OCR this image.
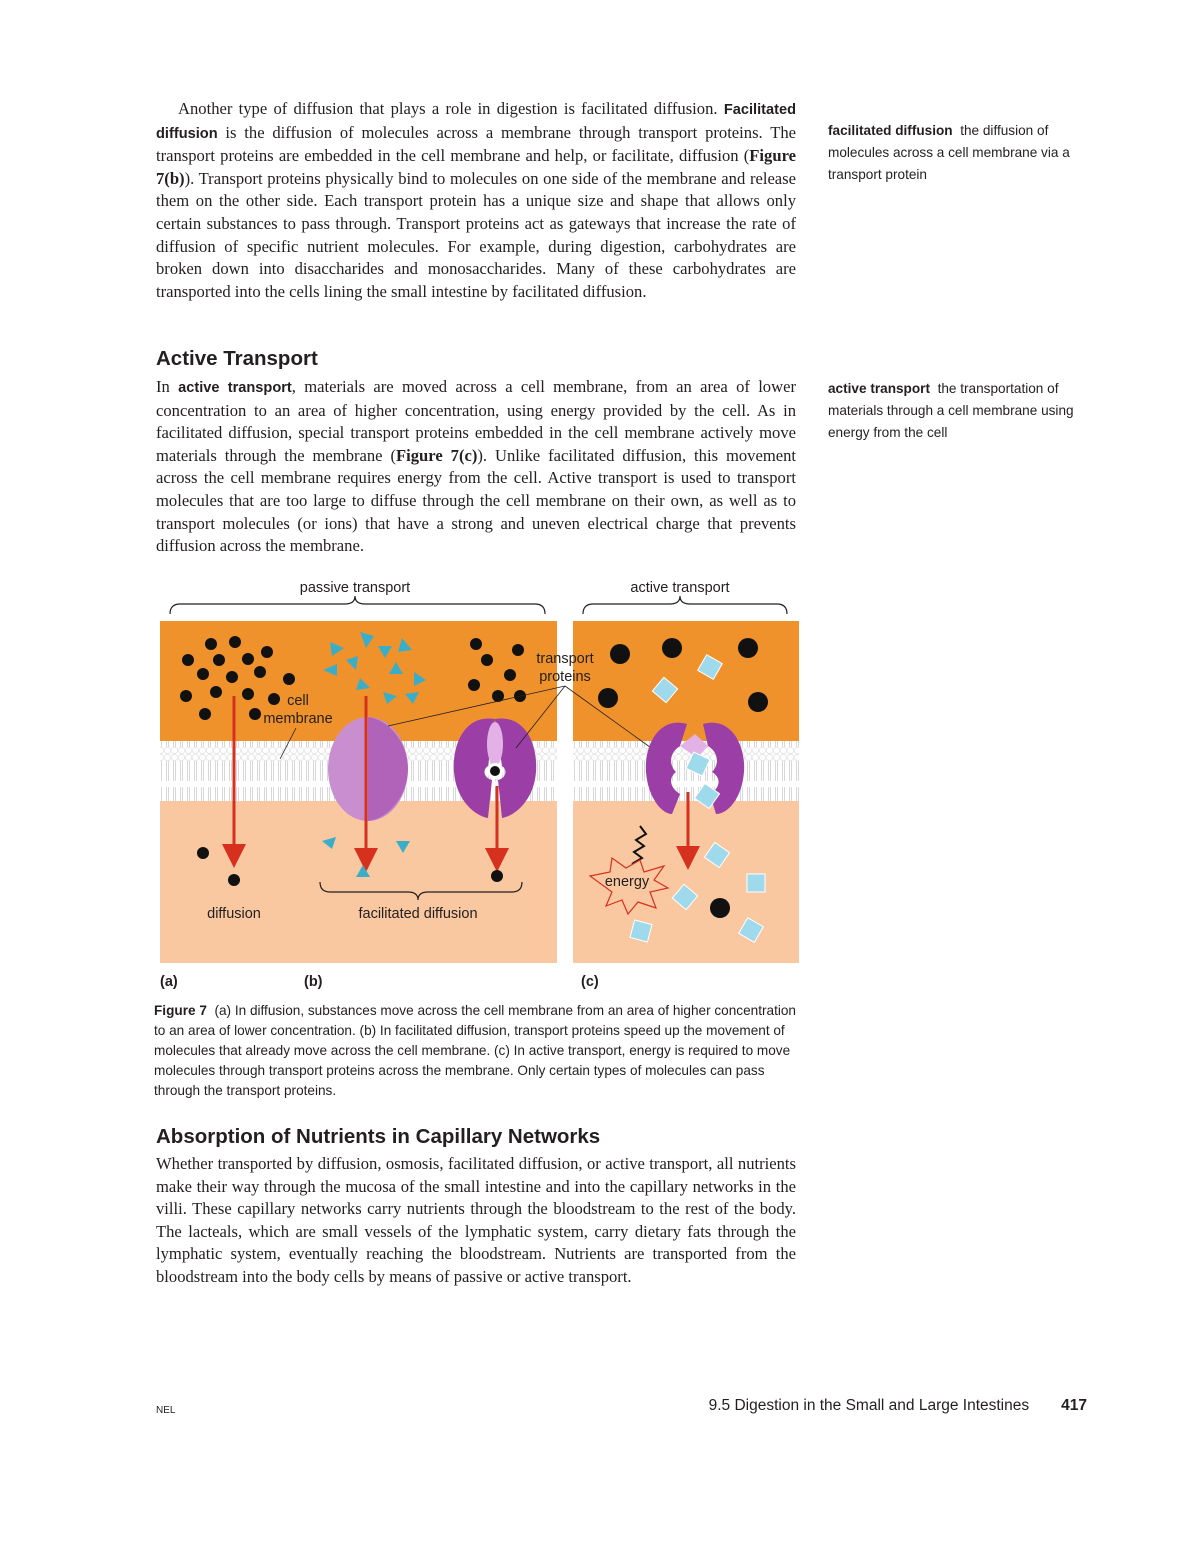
Another type of diffusion that plays a role in digestion is facilitated diffusion. Facilitated diffusion is the diffusion of molecules across a membrane through transport proteins. The transport proteins are embedded in the cell membrane and help, or facilitate, diffusion (Figure 7(b)). Transport proteins physically bind to molecules on one side of the membrane and release them on the other side. Each transport protein has a unique size and shape that allows only certain substances to pass through. Transport proteins act as gateways that increase the rate of diffusion of specific nutrient molecules. For example, during digestion, carbohydrates are broken down into disaccharides and monosaccharides. Many of these carbohydrates are transported into the cells lining the small intestine by facilitated diffusion.

facilitated diffusion the diffusion of molecules across a cell membrane via a transport protein
active transport the transportation of materials through a cell membrane using energy from the cell
Active Transport

In active transport, materials are moved across a cell membrane, from an area of lower concentration to an area of higher concentration, using energy provided by the cell. As in facilitated diffusion, special transport proteins embedded in the cell membrane actively move materials through the membrane (Figure 7(c)). Unlike facilitated diffusion, this movement across the cell membrane requires energy from the cell. Active transport is used to transport molecules that are too large to diffuse through the cell membrane on their own, as well as to transport molecules (or ions) that have a strong and uneven electrical charge that prevents diffusion across the membrane.

passive transport	active transport
cell
membrane
transport
proteins
diffusion	facilitated diffusion
energy
(a)	(b)	(c)
Figure 7 (a) In diffusion, substances move across the cell membrane from an area of higher concentration to an area of lower concentration. (b) In facilitated diffusion, transport proteins speed up the movement of molecules that already move across the cell membrane. (c) In active transport, energy is required to move molecules through transport proteins across the membrane. Only certain types of molecules can pass through the transport proteins.
Absorption of Nutrients in Capillary Networks

Whether transported by diffusion, osmosis, facilitated diffusion, or active transport, all nutrients make their way through the mucosa of the small intestine and into the capillary networks in the villi. These capillary networks carry nutrients through the bloodstream to the rest of the body. The lacteals, which are small vessels of the lymphatic system, carry dietary fats through the lymphatic system, eventually reaching the bloodstream. Nutrients are transported from the bloodstream into the body cells by means of passive or active transport.

NEL	9.5 Digestion in the Small and Large Intestines 417
